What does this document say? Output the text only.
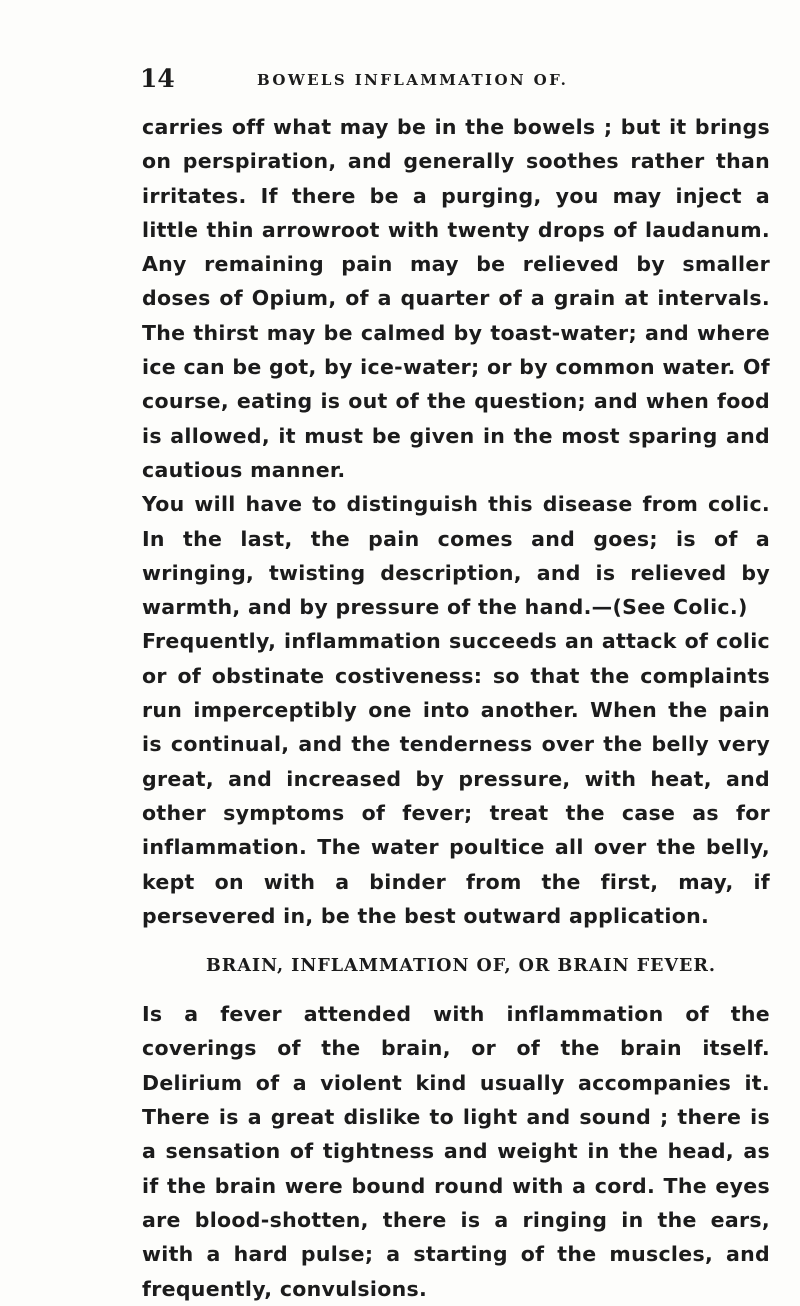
14	BOWELS INFLAMMATION OF.

carries off what may be in the bowels ; but it brings on perspiration, and generally soothes rather than irritates. If there be a purging, you may inject a little thin arrowroot with twenty drops of laudanum. Any remaining pain may be relieved by smaller doses of Opium, of a quarter of a grain at intervals. The thirst may be calmed by toast-water; and where ice can be got, by ice-water; or by common water. Of course, eating is out of the question; and when food is allowed, it must be given in the most sparing and cautious manner.

You will have to distinguish this disease from colic. In the last, the pain comes and goes; is of a wringing, twisting description, and is relieved by warmth, and by pressure of the hand.—(See Colic.)

Frequently, inflammation succeeds an attack of colic or of obstinate costiveness: so that the complaints run imperceptibly one into another. When the pain is continual, and the tenderness over the belly very great, and increased by pressure, with heat, and other symptoms of fever; treat the case as for inflammation. The water poultice all over the belly, kept on with a binder from the first, may, if persevered in, be the best outward application.

BRAIN, INFLAMMATION OF, OR BRAIN FEVER.

Is a fever attended with inflammation of the coverings of the brain, or of the brain itself. Delirium of a violent kind usually accompanies it. There is a great dislike to light and sound ; there is a sensation of tightness and weight in the head, as if the brain were bound round with a cord. The eyes are blood-shotten, there is a ringing in the ears, with a hard pulse; a starting of the muscles, and frequently, convulsions.
